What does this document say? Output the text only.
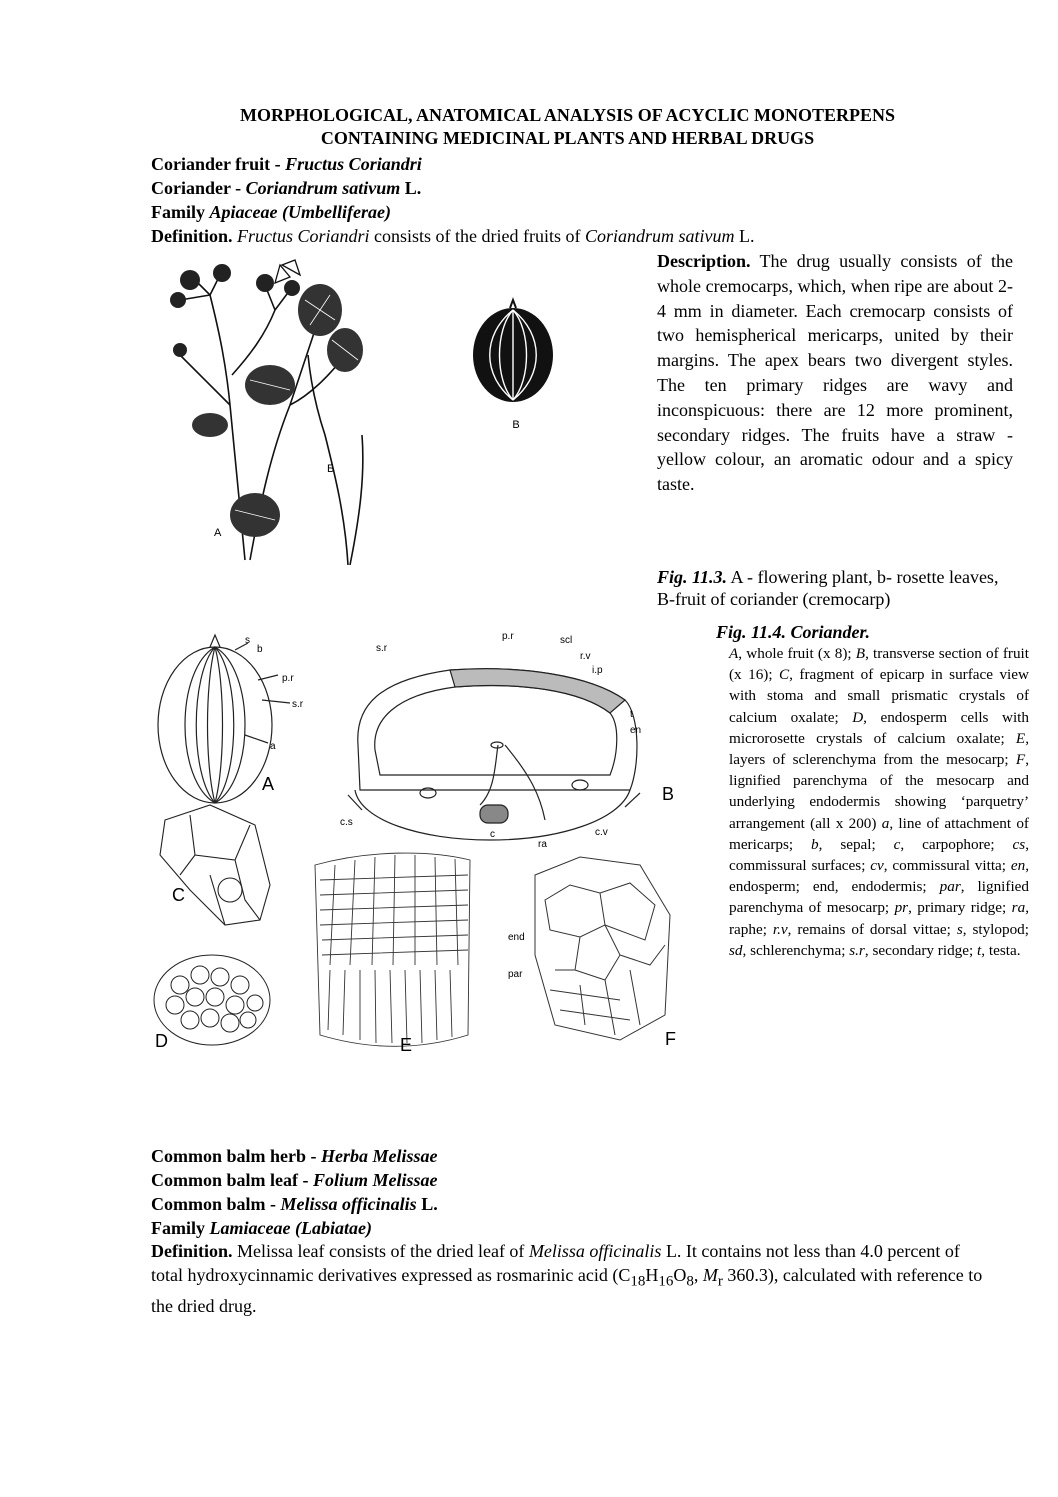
MORPHOLOGICAL, ANATOMICAL ANALYSIS OF ACYCLIC MONOTERPENS
CONTAINING MEDICINAL PLANTS AND HERBAL DRUGS
Coriander fruit - Fructus Coriandri
Coriander - Coriandrum sativum L.
Family Apiaceae (Umbelliferae)
Definition. Fructus Coriandri consists of the dried fruits of Coriandrum sativum L.

Description. The drug usually consists of the whole cremocarps, which, when ripe are about 2-4 mm in diameter. Each cremocarp consists of two hemispherical mericarps, united by their margins. The apex bears two divergent styles. The ten primary ridges are wavy and inconspicuous: there are 12 more prominent, secondary ridges. The fruits have a straw - yellow colour, an aromatic odour and a spicy taste.

A
Б
B
Fig. 11.3. A - flowering plant, b- rosette leaves, B-fruit of coriander (cremocarp)
s
b
p.r
s.r
a
A
s.r
p.r	scl
r.v
i.p
t
en
c.s
c
ra
c.v
B
C
D	E
end
par
F
Fig. 11.4. Coriander.
A, whole fruit (x 8); B, transverse section of fruit (x 16); C, fragment of epicarp in surface view with stoma and small prismatic crystals of calcium oxalate; D, endosperm cells with microrosette crystals of calcium oxalate; E, layers of sclerenchyma from the mesocarp; F, lignified parenchyma of the mesocarp and underlying endodermis showing ‘parquetry’ arrangement (all x 200) a, line of attachment of mericarps; b, sepal; c, carpophore; cs, commissural surfaces; cv, commissural vitta; en, endosperm; end, endodermis; par, lignified parenchyma of mesocarp; pr, primary ridge; ra, raphe; r.v, remains of dorsal vittae; s, stylopod; sd, schlerenchyma; s.r, secondary ridge; t, testa.
Common balm herb - Herba Melissae
Common balm leaf - Folium Melissae
Common balm - Melissa officinalis L.
Family Lamiaceae (Labiatae)
Definition. Melissa leaf consists of the dried leaf of Melissa officinalis L. It contains not less than 4.0 percent of total hydroxycinnamic derivatives expressed as rosmarinic acid ($C_{18}H_{16}O_8$, $M_r$ 360.3), calculated with reference to the dried drug.
